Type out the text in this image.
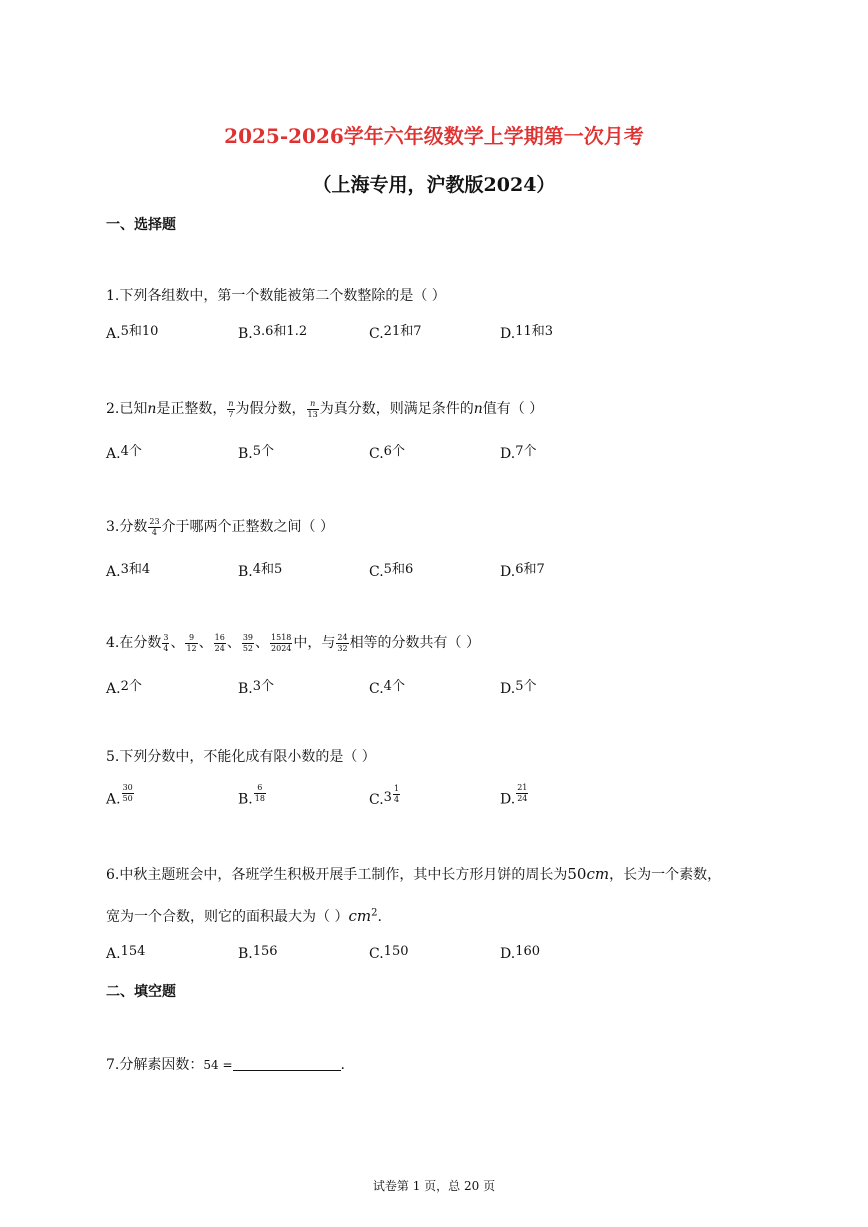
2025-2026学年六年级数学上学期第一次月考
（上海专用，沪教版2024）
一、选择题
1.下列各组数中，第一个数能被第二个数整除的是（ ）
A.5和10	B.3.6和1.2	C.21和7	D.11和3
2.已知n是正整数， $\frac{n}{7}$ 为假分数， $\frac{n}{13}$ 为真分数，则满足条件的n值有（ ）
A.4个	B.5个	C.6个	D.7个
3.分数 $\frac{23}{4}$ 介于哪两个正整数之间（ ）
A.3和4	B.4和5	C.5和6	D.6和7
4.在分数 $\frac{3}{4}$ 、 $\frac{9}{12}$ 、 $\frac{16}{24}$ 、 $\frac{39}{52}$ 、 $\frac{1518}{2024}$ 中，与 $\frac{24}{32}$ 相等的分数共有（ ）
A.2个	B.3个	C.4个	D.5个
5.下列分数中，不能化成有限小数的是（ ）
A. $\frac{30}{50}$	B. $\frac{6}{18}$	$C.3 \frac{1}{4}$	D. $\frac{21}{24}$
6.中秋主题班会中，各班学生积极开展手工制作，其中长方形月饼的周长为50cm，长为一个素数，
宽为一个合数，则它的面积最大为（ ）$cm^2$.
A.154	B.156	C.150	D.160
二、填空题
7.分解素因数：54 =	.
试卷第 1 页，总 20 页
